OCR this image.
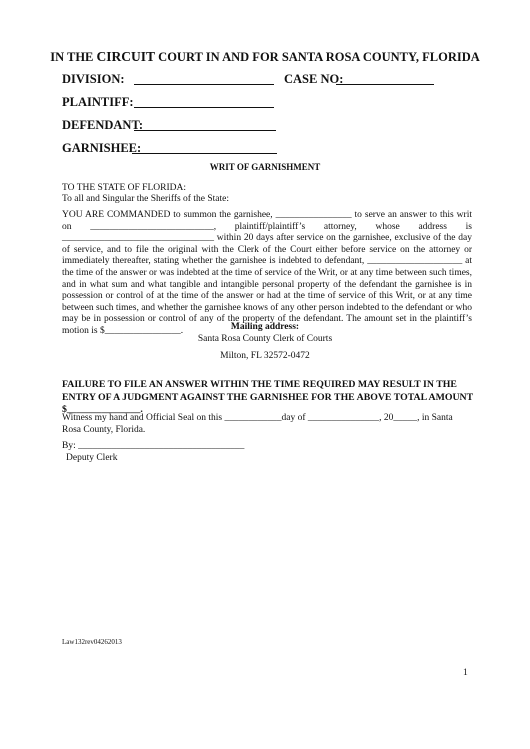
IN THE CIRCUIT COURT IN AND FOR SANTA ROSA COUNTY, FLORIDA
DIVISION:	CASE NO:
PLAINTIFF:
DEFENDANT:
GARNISHEE:
WRIT OF GARNISHMENT
TO THE STATE OF FLORIDA:
To all and Singular the Sheriffs of the State:
YOU ARE COMMANDED to summon the garnishee, ________________ to serve an answer to this writ on __________________________, plaintiff/plaintiff’s attorney, whose address is ________________________________ within 20 days after service on the garnishee, exclusive of the day of service, and to file the original with the Clerk of the Court either before service on the attorney or immediately thereafter, stating whether the garnishee is indebted to defendant, ____________________ at the time of the answer or was indebted at the time of service of the Writ, or at any time between such times, and in what sum and what tangible and intangible personal property of the defendant the garnishee is in possession or control of at the time of the answer or had at the time of service of this Writ, or at any time between such times, and whether the garnishee knows of any other person indebted to the defendant or who may be in possession or control of any of the property of the defendant. The amount set in the plaintiff’s motion is $________________.	Mailing address:
Santa Rosa County Clerk of Courts
Milton, FL 32572-0472
FAILURE TO FILE AN ANSWER WITHIN THE TIME REQUIRED MAY RESULT IN THE ENTRY OF A JUDGMENT AGAINST THE GARNISHEE FOR THE ABOVE TOTAL AMOUNT $_______________.
Witness my hand and Official Seal on this ____________day of _______________, 20_____, in Santa Rosa County, Florida.
By: ___________________________________
Deputy Clerk
Law132rev04262013
1
